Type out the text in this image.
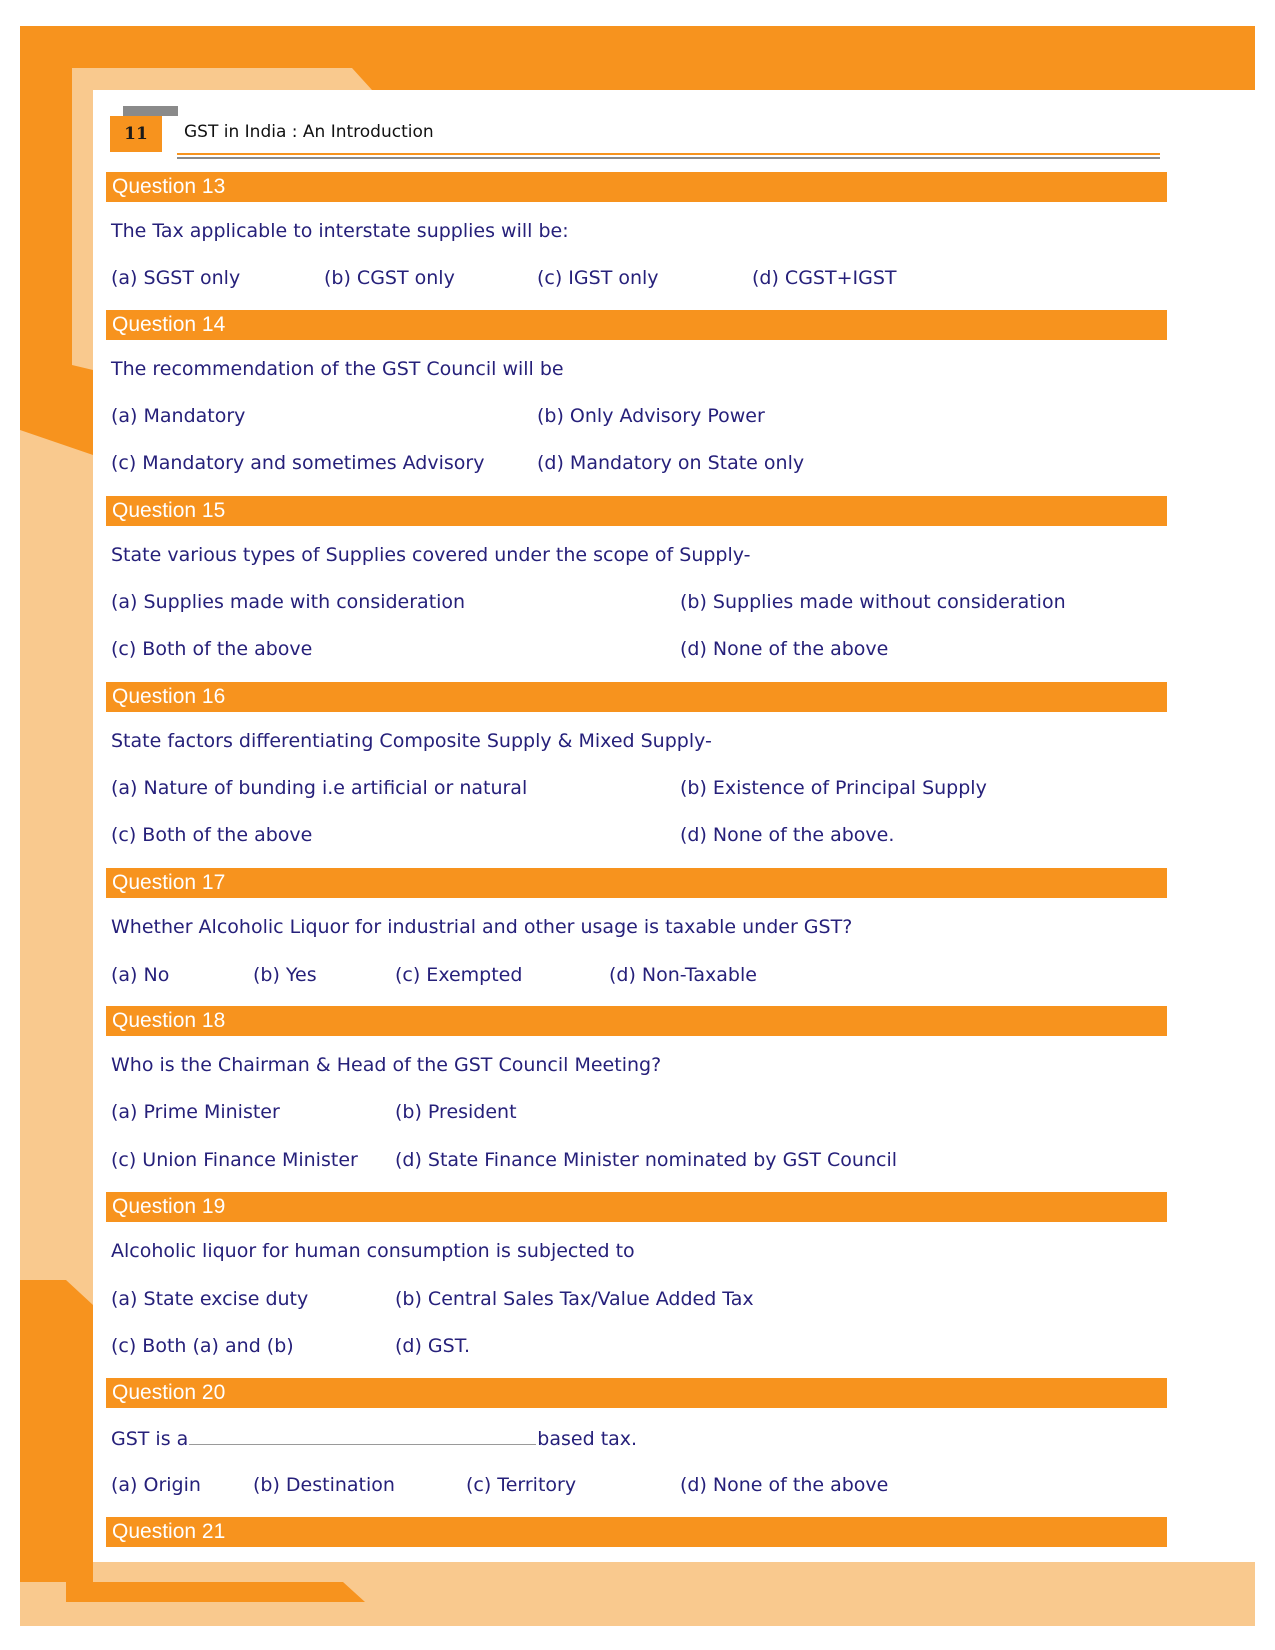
11	GST in India : An Introduction
Question 13
The Tax applicable to interstate supplies will be:
(a) SGST only	(b) CGST only	(c) IGST only	(d) CGST+IGST
Question 14
The recommendation of the GST Council will be
(a) Mandatory	(b) Only Advisory Power
(c) Mandatory and sometimes Advisory	(d) Mandatory on State only
Question 15
State various types of Supplies covered under the scope of Supply-
(a) Supplies made with consideration	(b) Supplies made without consideration
(c) Both of the above	(d) None of the above
Question 16
State factors differentiating Composite Supply & Mixed Supply-
(a) Nature of bunding i.e artificial or natural	(b) Existence of Principal Supply
(c) Both of the above	(d) None of the above.
Question 17
Whether Alcoholic Liquor for industrial and other usage is taxable under GST?
(a) No	(b) Yes	(c) Exempted	(d) Non-Taxable
Question 18
Who is the Chairman & Head of the GST Council Meeting?
(a) Prime Minister	(b) President
(c) Union Finance Minister (d) State Finance Minister nominated by GST Council
Question 19
Alcoholic liquor for human consumption is subjected to
(a) State excise duty	(b) Central Sales Tax/Value Added Tax
(c) Both (a) and (b)	(d) GST.
Question 20
GST is a	based tax.
(a) Origin	(b) Destination	(c) Territory	(d) None of the above
Question 21
